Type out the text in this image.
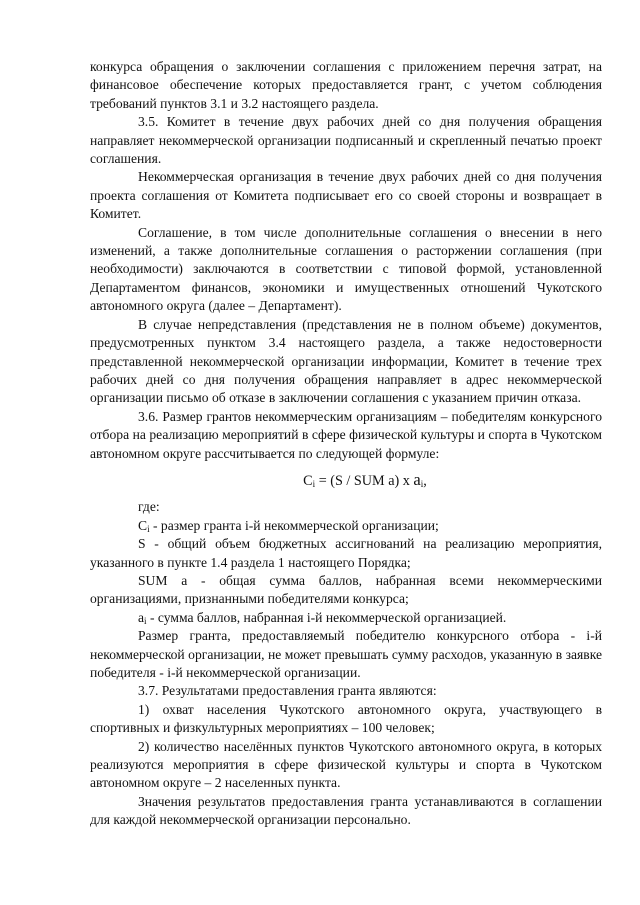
конкурса обращения о заключении соглашения с приложением перечня затрат, на финансовое обеспечение которых предоставляется грант, с учетом соблюдения требований пунктов 3.1 и 3.2 настоящего раздела.

3.5. Комитет в течение двух рабочих дней со дня получения обращения направляет некоммерческой организации подписанный и скрепленный печатью проект соглашения.

Некоммерческая организация в течение двух рабочих дней со дня получения проекта соглашения от Комитета подписывает его со своей стороны и возвращает в Комитет.

Соглашение, в том числе дополнительные соглашения о внесении в него изменений, а также дополнительные соглашения о расторжении соглашения (при необходимости) заключаются в соответствии с типовой формой, установленной Департаментом финансов, экономики и имущественных отношений Чукотского автономного округа (далее – Департамент).

В случае непредставления (представления не в полном объеме) документов, предусмотренных пунктом 3.4 настоящего раздела, а также недостоверности представленной некоммерческой организации информации, Комитет в течение трех рабочих дней со дня получения обращения направляет в адрес некоммерческой организации письмо об отказе в заключении соглашения с указанием причин отказа.

3.6. Размер грантов некоммерческим организациям – победителям конкурсного отбора на реализацию мероприятий в сфере физической культуры и спорта в Чукотском автономном округе рассчитывается по следующей формуле:

$C_i = (S$ / SUM a) x $a_i$,

где:

$C_i$ - размер гранта i-й некоммерческой организации;

S - общий объем бюджетных ассигнований на реализацию мероприятия, указанного в пункте 1.4 раздела 1 настоящего Порядка;

SUM a - общая сумма баллов, набранная всеми некоммерческими организациями, признанными победителями конкурса;

$a_i$ - сумма баллов, набранная i-й некоммерческой организацией.

Размер гранта, предоставляемый победителю конкурсного отбора - i-й некоммерческой организации, не может превышать сумму расходов, указанную в заявке победителя - i-й некоммерческой организации.

3.7. Результатами предоставления гранта являются:

1) охват населения Чукотского автономного округа, участвующего в спортивных и физкультурных мероприятиях – 100 человек;

2) количество населённых пунктов Чукотского автономного округа, в которых реализуются мероприятия в сфере физической культуры и спорта в Чукотском автономном округе – 2 населенных пункта.

Значения результатов предоставления гранта устанавливаются в соглашении для каждой некоммерческой организации персонально.
